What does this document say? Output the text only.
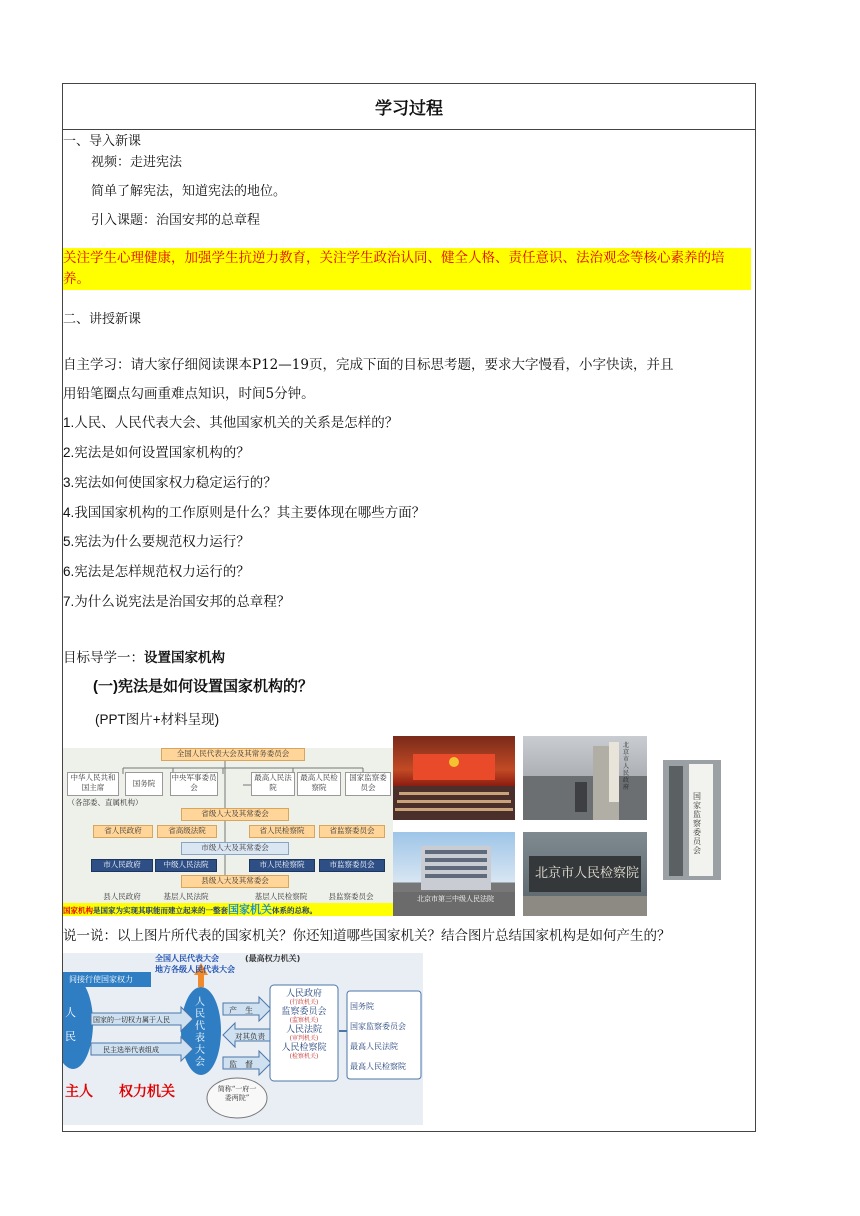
学习过程
一、导入新课
视频：走进宪法
简单了解宪法，知道宪法的地位。
引入课题：治国安邦的总章程
关注学生心理健康，加强学生抗逆力教育，关注学生政治认同、健全人格、责任意识、法治观念等核心素养的培养。
二、讲授新课
自主学习：请大家仔细阅读课本P12—19页，完成下面的目标思考题，要求大字慢看，小字快读，并且
用铅笔圈点勾画重难点知识，时间5分钟。
1.人民、人民代表大会、其他国家机关的关系是怎样的？
2.宪法是如何设置国家机构的？
3.宪法如何使国家权力稳定运行的？
4.我国国家机构的工作原则是什么？其主要体现在哪些方面？
5.宪法为什么要规范权力运行？
6.宪法是怎样规范权力运行的？
7.为什么说宪法是治国安邦的总章程？
目标导学一：设置国家机构
(一)宪法是如何设置国家机构的？
(PPT图片+材料呈现)
全国人民代表大会及其常务委员会
中华人民共和国主席	国务院
中央军事委员会
最高人民法院
最高人民检察院
国家监察委员会
（各部委、直属机构）
省级人大及其常委会
省人民政府	省高级法院	省人民检察院	省监察委员会
市级人大及其常委会
市人民政府	中级人民法院	市人民检察院	市监察委员会
县级人大及其常委会
县人民政府	基层人民法院	基层人民检察院	县监察委员会
国家机构是国家为实现其职能而建立起来的一整套国家机关体系的总称。
北京市人民政府
国家监察委员会
北京市第三中级人民法院
北京市人民检察院
说一说：以上图片所代表的国家机关？你还知道哪些国家机关？结合图片总结国家机构是如何产生的？
全国人民代表大会	(最高权力机关)
地方各级人民代表大会
间接行使国家权力
人民
国家的一切权力属于人民
民主选举代表组成
人民代表大会
产　生
对其负责
监　督
人民政府
(行政机关)
监察委员会
(监察机关)
人民法院
(审判机关)
人民检察院
(检察机关)
国务院
国家监察委员会
最高人民法院
最高人民检察院
主人 权力机关	简称“一府一委两院”
